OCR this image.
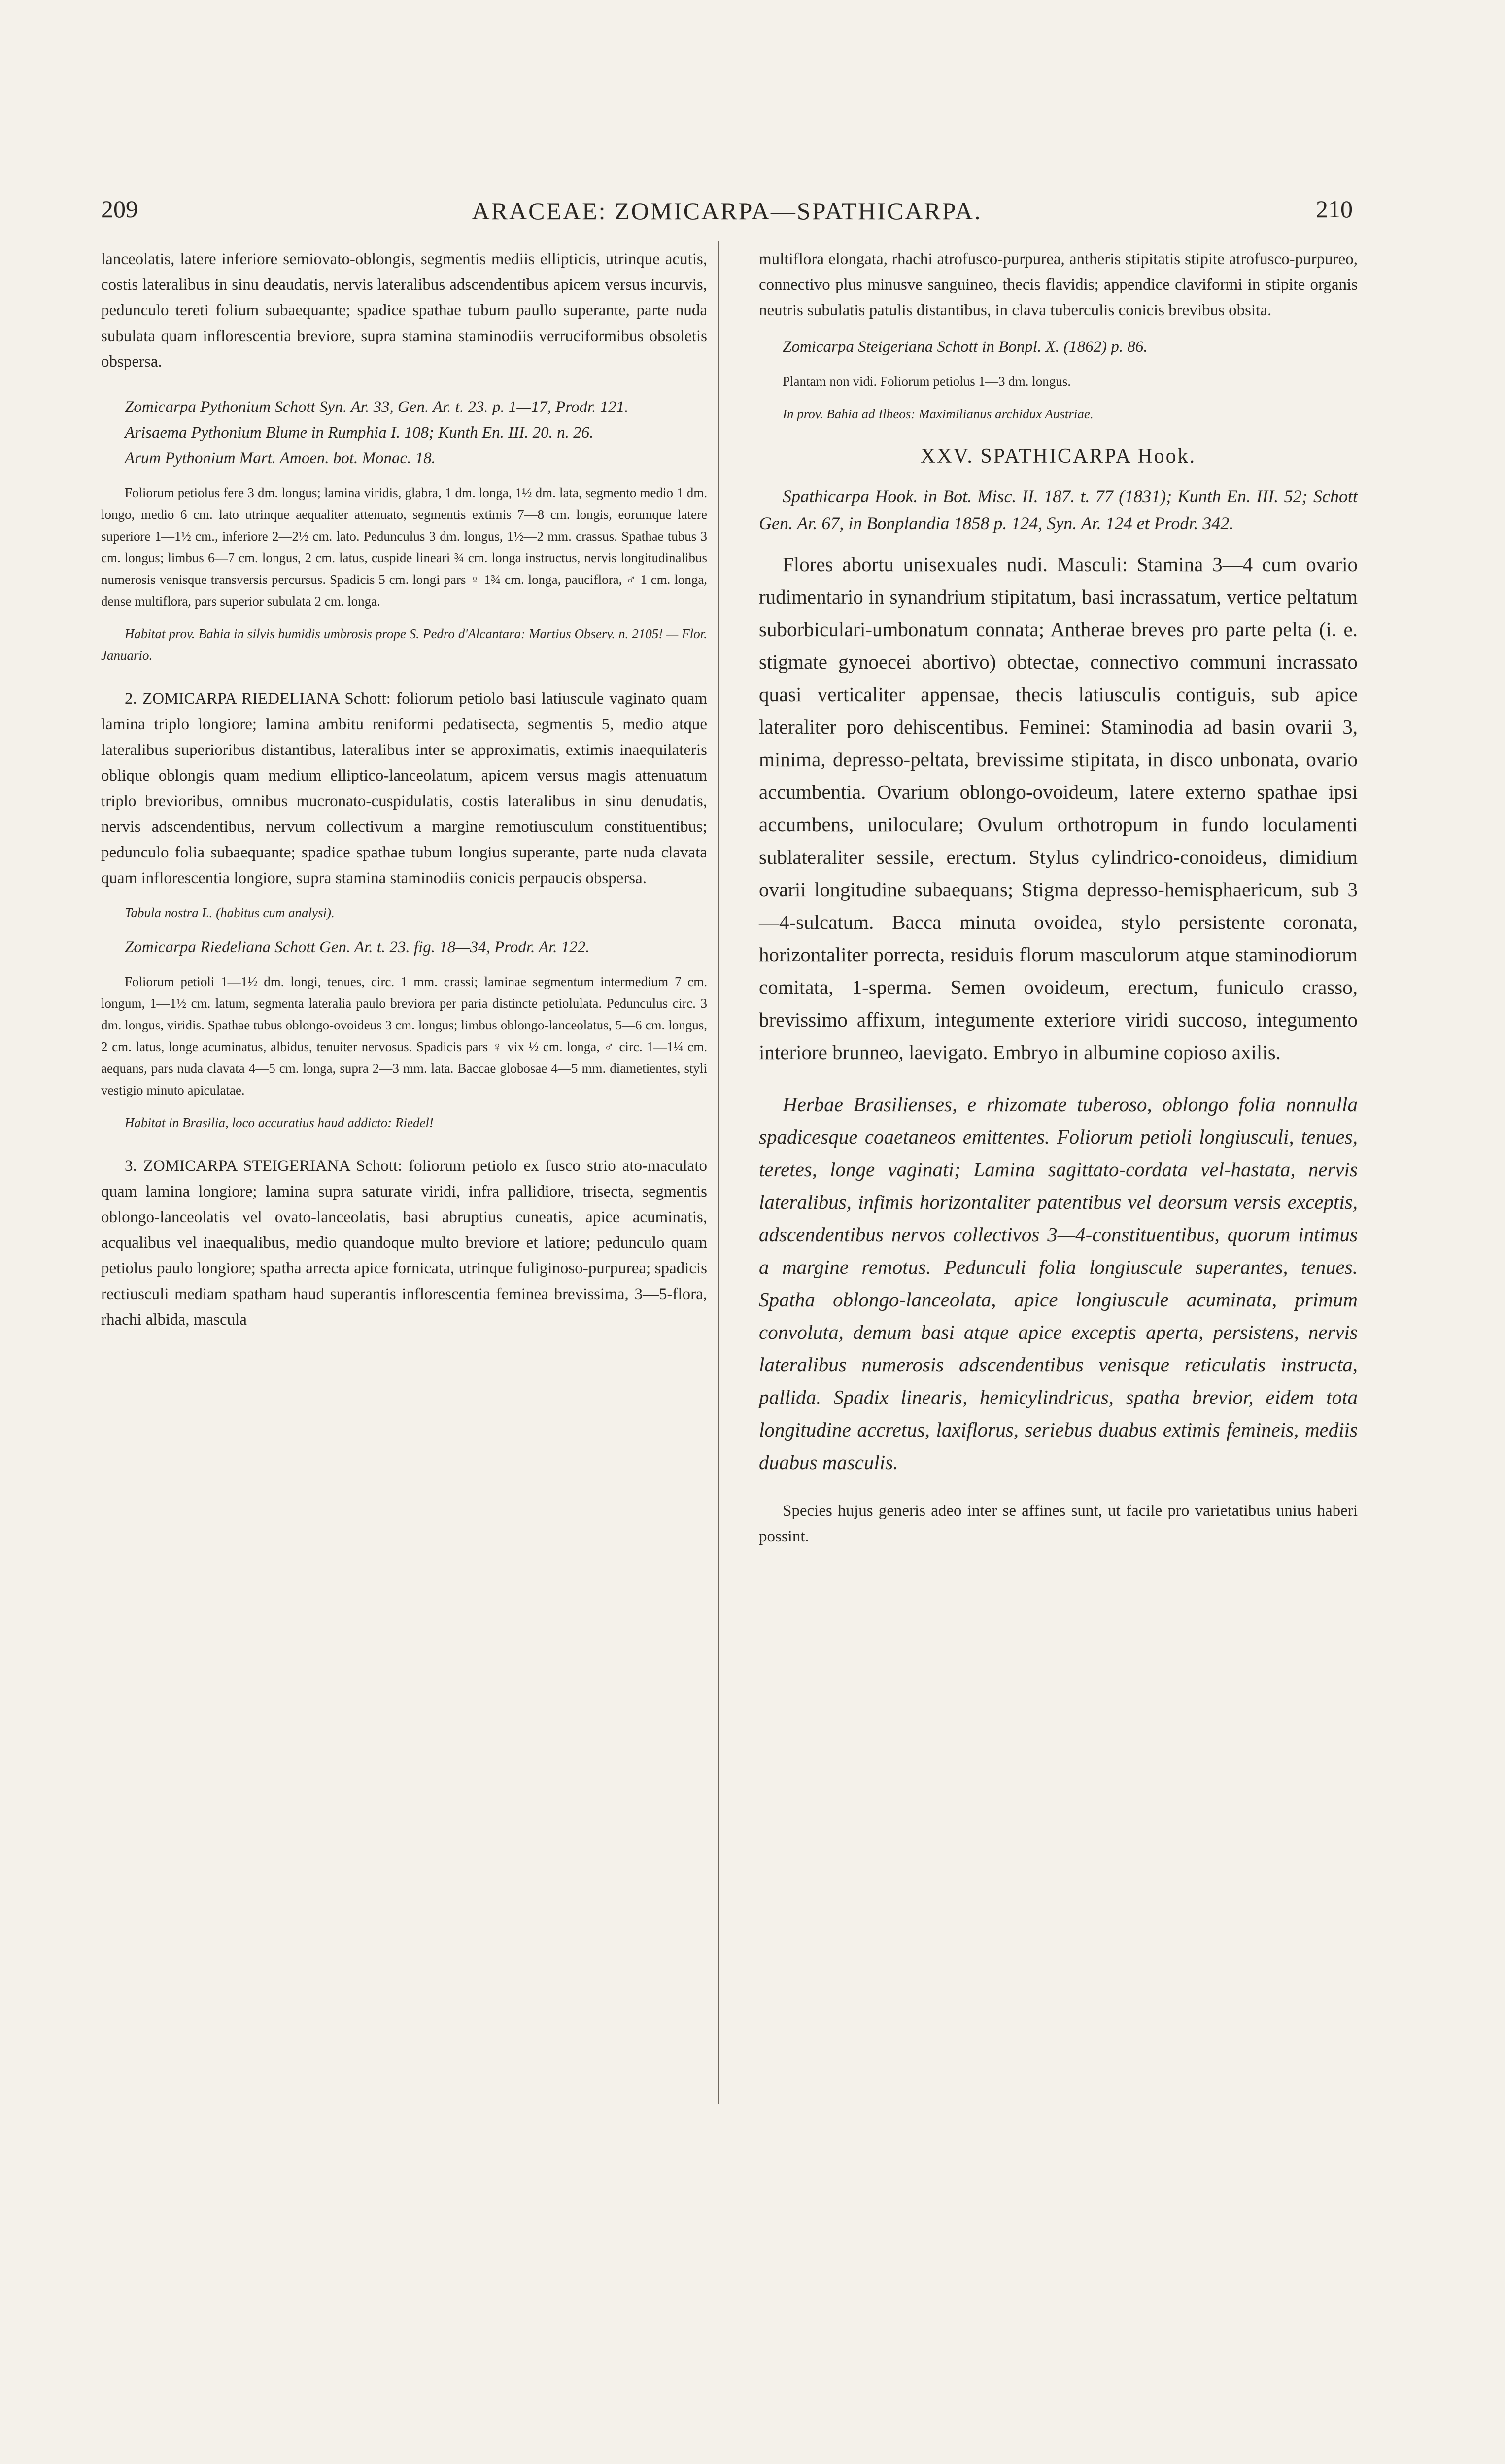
209	ARACEAE: ZOMICARPA—SPATHICARPA.	210

lanceolatis, latere inferiore semiovato-oblongis, segmentis mediis ellipticis, utrinque acutis, costis lateralibus in sinu deaudatis, nervis lateralibus adscendentibus apicem versus incurvis, pedunculo tereti folium subaequante; spadice spathae tubum paullo superante, parte nuda subulata quam inflorescentia breviore, supra stamina staminodiis verruciformibus obsoletis obspersa.

Zomicarpa Pythonium Schott Syn. Ar. 33, Gen. Ar. t. 23. p. 1—17, Prodr. 121.

Arisaema Pythonium Blume in Rumphia I. 108; Kunth En. III. 20. n. 26.

Arum Pythonium Mart. Amoen. bot. Monac. 18.

Foliorum petiolus fere 3 dm. longus; lamina viridis, glabra, 1 dm. longa, 1½ dm. lata, segmento medio 1 dm. longo, medio 6 cm. lato utrinque aequaliter attenuato, segmentis extimis 7—8 cm. longis, eorumque latere superiore 1—1½ cm., inferiore 2—2½ cm. lato. Pedunculus 3 dm. longus, 1½—2 mm. crassus. Spathae tubus 3 cm. longus; limbus 6—7 cm. longus, 2 cm. latus, cuspide lineari ¾ cm. longa instructus, nervis longitudinalibus numerosis venisque transversis percursus. Spadicis 5 cm. longi pars ♀ 1¾ cm. longa, pauciflora, ♂ 1 cm. longa, dense multiflora, pars superior subulata 2 cm. longa.

Habitat prov. Bahia in silvis humidis umbrosis prope S. Pedro d'Alcantara: Martius Observ. n. 2105! — Flor. Januario.

2. ZOMICARPA RIEDELIANA Schott: foliorum petiolo basi latiuscule vaginato quam lamina triplo longiore; lamina ambitu reniformi pedatisecta, segmentis 5, medio atque lateralibus superioribus distantibus, lateralibus inter se approximatis, extimis inaequilateris oblique oblongis quam medium elliptico-lanceolatum, apicem versus magis attenuatum triplo brevioribus, omnibus mucronato-cuspidulatis, costis lateralibus in sinu denudatis, nervis adscendentibus, nervum collectivum a margine remotiusculum constituentibus; pedunculo folia subaequante; spadice spathae tubum longius superante, parte nuda clavata quam inflorescentia longiore, supra stamina staminodiis conicis perpaucis obspersa.

Tabula nostra L. (habitus cum analysi).

Zomicarpa Riedeliana Schott Gen. Ar. t. 23. fig. 18—34, Prodr. Ar. 122.

Foliorum petioli 1—1½ dm. longi, tenues, circ. 1 mm. crassi; laminae segmentum intermedium 7 cm. longum, 1—1½ cm. latum, segmenta lateralia paulo breviora per paria distincte petiolulata. Pedunculus circ. 3 dm. longus, viridis. Spathae tubus oblongo-ovoideus 3 cm. longus; limbus oblongo-lanceolatus, 5—6 cm. longus, 2 cm. latus, longe acuminatus, albidus, tenuiter nervosus. Spadicis pars ♀ vix ½ cm. longa, ♂ circ. 1—1¼ cm. aequans, pars nuda clavata 4—5 cm. longa, supra 2—3 mm. lata. Baccae globosae 4—5 mm. diametientes, styli vestigio minuto apiculatae.

Habitat in Brasilia, loco accuratius haud addicto: Riedel!

3. ZOMICARPA STEIGERIANA Schott: foliorum petiolo ex fusco strio ato-maculato quam lamina longiore; lamina supra saturate viridi, infra pallidiore, trisecta, segmentis oblongo-lanceolatis vel ovato-lanceolatis, basi abruptius cuneatis, apice acuminatis, acqualibus vel inaequalibus, medio quandoque multo breviore et latiore; pedunculo quam petiolus paulo longiore; spatha arrecta apice fornicata, utrinque fuliginoso-purpurea; spadicis rectiusculi mediam spatham haud superantis inflorescentia feminea brevissima, 3—5-flora, rhachi albida, mascula

multiflora elongata, rhachi atrofusco-purpurea, antheris stipitatis stipite atrofusco-purpureo, connectivo plus minusve sanguineo, thecis flavidis; appendice claviformi in stipite organis neutris subulatis patulis distantibus, in clava tuberculis conicis brevibus obsita.

Zomicarpa Steigeriana Schott in Bonpl. X. (1862) p. 86.

Plantam non vidi. Foliorum petiolus 1—3 dm. longus.

In prov. Bahia ad Ilheos: Maximilianus archidux Austriae.

XXV. SPATHICARPA Hook.

Spathicarpa Hook. in Bot. Misc. II. 187. t. 77 (1831); Kunth En. III. 52; Schott Gen. Ar. 67, in Bonplandia 1858 p. 124, Syn. Ar. 124 et Prodr. 342.

Flores abortu unisexuales nudi. Masculi: Stamina 3—4 cum ovario rudimentario in synandrium stipitatum, basi incrassatum, vertice peltatum suborbiculari-umbonatum connata; Antherae breves pro parte pelta (i. e. stigmate gynoecei abortivo) obtectae, connectivo communi incrassato quasi verticaliter appensae, thecis latiusculis contiguis, sub apice lateraliter poro dehiscentibus. Feminei: Staminodia ad basin ovarii 3, minima, depresso-peltata, brevissime stipitata, in disco unbonata, ovario accumbentia. Ovarium oblongo-ovoideum, latere externo spathae ipsi accumbens, uniloculare; Ovulum orthotropum in fundo loculamenti sublateraliter sessile, erectum. Stylus cylindrico-conoideus, dimidium ovarii longitudine subaequans; Stigma depresso-hemisphaericum, sub 3—4-sulcatum. Bacca minuta ovoidea, stylo persistente coronata, horizontaliter porrecta, residuis florum masculorum atque staminodiorum comitata, 1-sperma. Semen ovoideum, erectum, funiculo crasso, brevissimo affixum, integumente exteriore viridi succoso, integumento interiore brunneo, laevigato. Embryo in albumine copioso axilis.

Herbae Brasilienses, e rhizomate tuberoso, oblongo folia nonnulla spadicesque coaetaneos emittentes. Foliorum petioli longiusculi, tenues, teretes, longe vaginati; Lamina sagittato-cordata vel-hastata, nervis lateralibus, infimis horizontaliter patentibus vel deorsum versis exceptis, adscendentibus nervos collectivos 3—4-constituentibus, quorum intimus a margine remotus. Pedunculi folia longiuscule superantes, tenues. Spatha oblongo-lanceolata, apice longiuscule acuminata, primum convoluta, demum basi atque apice exceptis aperta, persistens, nervis lateralibus numerosis adscendentibus venisque reticulatis instructa, pallida. Spadix linearis, hemicylindricus, spatha brevior, eidem tota longitudine accretus, laxiflorus, seriebus duabus extimis femineis, mediis duabus masculis.

Species hujus generis adeo inter se affines sunt, ut facile pro varietatibus unius haberi possint.
